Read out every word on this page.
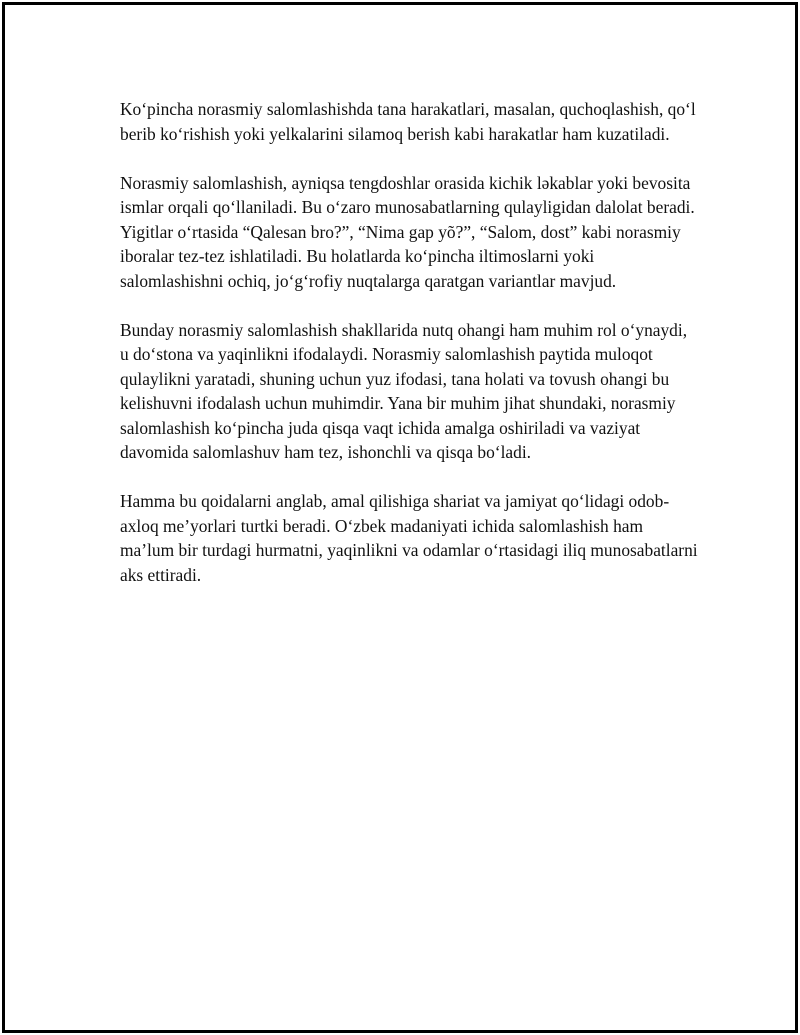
Koʻpincha norasmiy salomlashishda tana harakatlari, masalan, quchoqlashish, qoʻl berib koʻrishish yoki yelkalarini silamoq berish kabi harakatlar ham kuzatiladi.

Norasmiy salomlashish, ayniqsa tengdoshlar orasida kichik ləkablar yoki bevosita ismlar orqali qoʻllaniladi. Bu oʻzaro munosabatlarning qulayligidan dalolat beradi. Yigitlar oʻrtasida “Qalesan bro?”, “Nima gap yõ?”, “Salom, dost” kabi norasmiy iboralar tez-tez ishlatiladi. Bu holatlarda koʻpincha iltimoslarni yoki salomlashishni ochiq, joʻgʻrofiy nuqtalarga qaratgan variantlar mavjud.

Bunday norasmiy salomlashish shakllarida nutq ohangi ham muhim rol oʻynaydi, u doʻstona va yaqinlikni ifodalaydi. Norasmiy salomlashish paytida muloqot qulaylikni yaratadi, shuning uchun yuz ifodasi, tana holati va tovush ohangi bu kelishuvni ifodalash uchun muhimdir. Yana bir muhim jihat shundaki, norasmiy salomlashish koʻpincha juda qisqa vaqt ichida amalga oshiriladi va vaziyat davomida salomlashuv ham tez, ishonchli va qisqa boʻladi.

Hamma bu qoidalarni anglab, amal qilishiga shariat va jamiyat qoʻlidagi odob-axloq me’yorlari turtki beradi. Oʻzbek madaniyati ichida salomlashish ham ma’lum bir turdagi hurmatni, yaqinlikni va odamlar oʻrtasidagi iliq munosabatlarni aks ettiradi.
